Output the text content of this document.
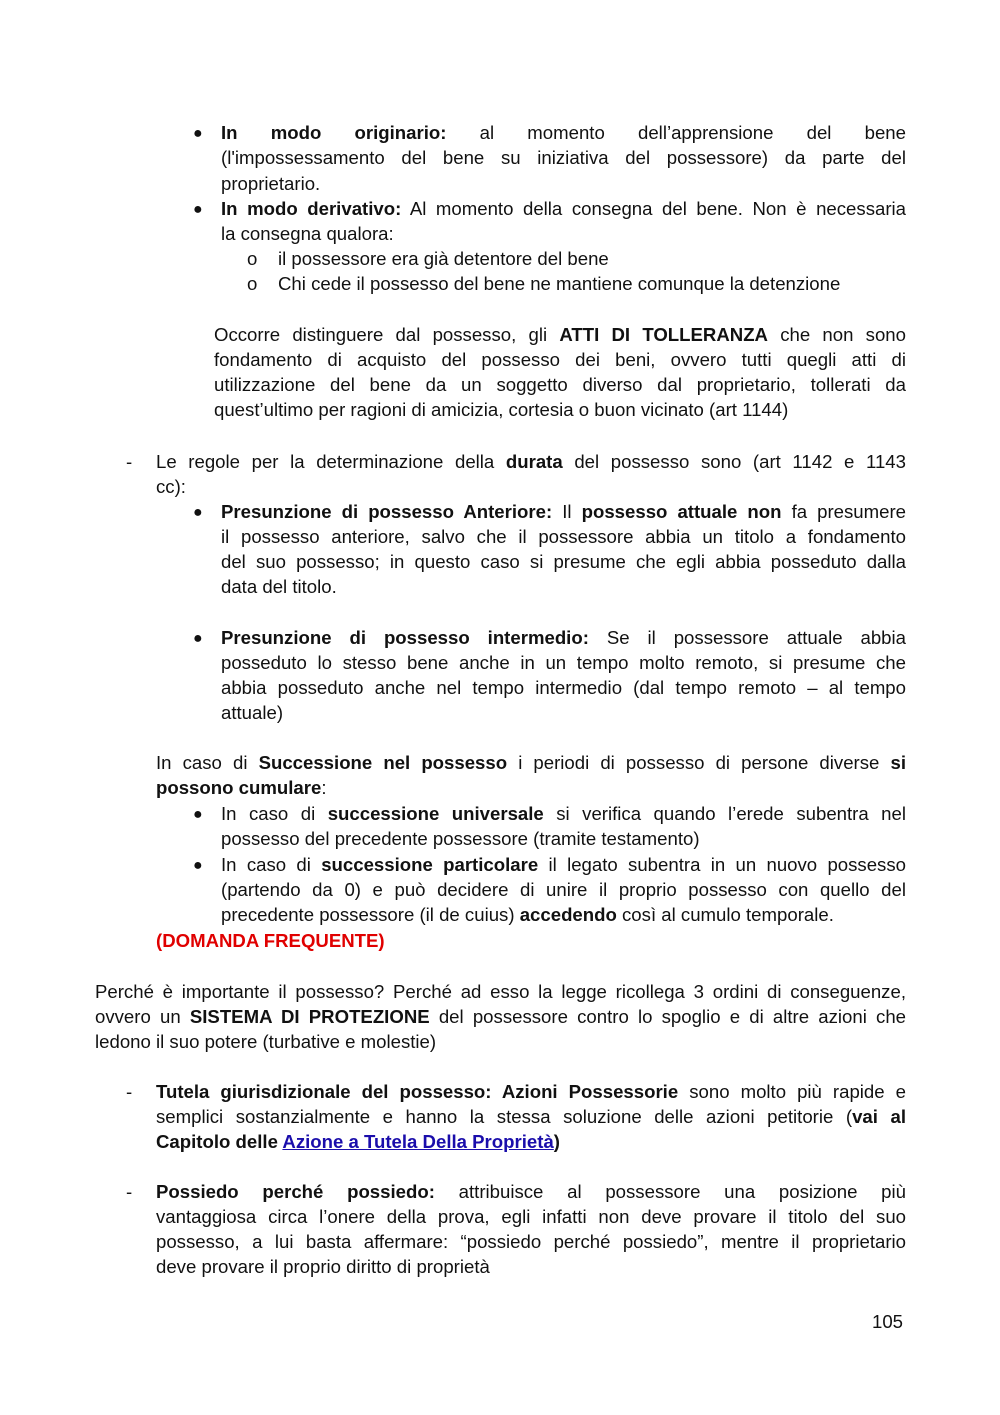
● In modo originario: al momento dell’apprensione del bene
(l'impossessamento del bene su iniziativa del possessore) da parte del
proprietario.
● In modo derivativo: Al momento della consegna del bene. Non è necessaria
la consegna qualora:
o il possessore era già detentore del bene
o Chi cede il possesso del bene ne mantiene comunque la detenzione
Occorre distinguere dal possesso, gli ATTI DI TOLLERANZA che non sono
fondamento di acquisto del possesso dei beni, ovvero tutti quegli atti di
utilizzazione del bene da un soggetto diverso dal proprietario, tollerati da
quest’ultimo per ragioni di amicizia, cortesia o buon vicinato (art 1144)
- Le regole per la determinazione della durata del possesso sono (art 1142 e 1143
cc):
● Presunzione di possesso Anteriore: Il possesso attuale non fa presumere
il possesso anteriore, salvo che il possessore abbia un titolo a fondamento
del suo possesso; in questo caso si presume che egli abbia posseduto dalla
data del titolo.
● Presunzione di possesso intermedio: Se il possessore attuale abbia
posseduto lo stesso bene anche in un tempo molto remoto, si presume che
abbia posseduto anche nel tempo intermedio (dal tempo remoto – al tempo
attuale)
In caso di Successione nel possesso i periodi di possesso di persone diverse si
possono cumulare:
● In caso di successione universale si verifica quando l’erede subentra nel
possesso del precedente possessore (tramite testamento)
● In caso di successione particolare il legato subentra in un nuovo possesso
(partendo da 0) e può decidere di unire il proprio possesso con quello del
precedente possessore (il de cuius) accedendo così al cumulo temporale.
(DOMANDA FREQUENTE)
Perché è importante il possesso? Perché ad esso la legge ricollega 3 ordini di conseguenze,
ovvero un SISTEMA DI PROTEZIONE del possessore contro lo spoglio e di altre azioni che
ledono il suo potere (turbative e molestie)
- Tutela giurisdizionale del possesso: Azioni Possessorie sono molto più rapide e
semplici sostanzialmente e hanno la stessa soluzione delle azioni petitorie (vai al
Capitolo delle Azione a Tutela Della Proprietà)
- Possiedo perché possiedo: attribuisce al possessore una posizione più
vantaggiosa circa l’onere della prova, egli infatti non deve provare il titolo del suo
possesso, a lui basta affermare: “possiedo perché possiedo”, mentre il proprietario
deve provare il proprio diritto di proprietà
105
